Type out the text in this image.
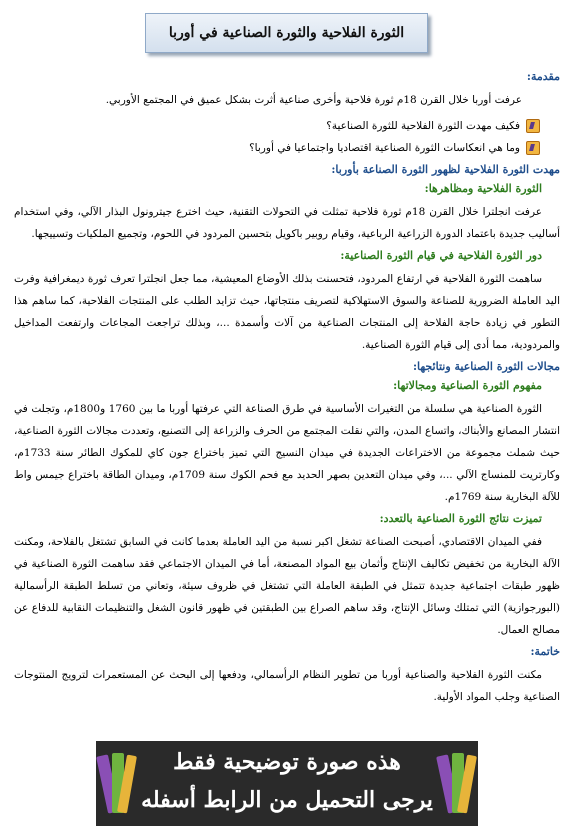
الثورة الفلاحية والثورة الصناعية في أوربا
مقدمة:
عرفت أوربا خلال القرن 18م ثورة فلاحية وأخرى صناعية أثرت بشكل عميق في المجتمع الأوربي.
فكيف مهدت الثورة الفلاحية للثورة الصناعية؟
وما هي انعكاسات الثورة الصناعية اقتصاديا واجتماعيا في أوربا؟
مهدت الثورة الفلاحية لظهور الثورة الصناعة بأوربا:
الثورة الفلاحية ومظاهرها:
عرفت انجلترا خلال القرن 18م ثورة فلاحية تمثلت في التحولات التقنية، حيث اخترع جيترونول البذار الآلي، وفي استخدام أساليب جديدة باعتماد الدورة الزراعية الرباعية، وقيام روبير باكويل بتحسين المردود في اللحوم، وتجميع الملكيات وتسييجها.
دور الثورة الفلاحية في قيام الثورة الصناعية:
ساهمت الثورة الفلاحية في ارتفاع المردود، فتحسنت بذلك الأوضاع المعيشية، مما جعل انجلترا تعرف ثورة ديمغرافية وفرت اليد العاملة الضرورية للصناعة والسوق الاستهلاكية لتصريف منتجاتها، حيث تزايد الطلب على المنتجات الفلاحية، كما ساهم هذا التطور في زيادة حاجة الفلاحة إلى المنتجات الصناعية من آلات وأسمدة ...، وبذلك تراجعت المجاعات وارتفعت المداخيل والمردودية، مما أدى إلى قيام الثورة الصناعية.
مجالات الثورة الصناعية ونتائجها:
مفهوم الثورة الصناعية ومجالاتها:
الثورة الصناعية هي سلسلة من التغيرات الأساسية في طرق الصناعة التي عرفتها أوربا ما بين 1760 و1800م، وتجلت في انتشار المصانع والأبناك، واتساع المدن، والتي نقلت المجتمع من الحرف والزراعة إلى التصنيع، وتعددت مجالات الثورة الصناعية، حيث شملت مجموعة من الاختراعات الجديدة في ميدان النسيج التي تميز باختراع جون كاي للمكوك الطائر سنة 1733م، وكارتريت للمنساج الآلي ...، وفي ميدان التعدين بصهر الحديد مع فحم الكوك سنة 1709م، وميدان الطاقة باختراع جيمس واط للآلة البخارية سنة 1769م.
تميزت نتائج الثورة الصناعية بالتعدد:
ففي الميدان الاقتصادي، أصبحت الصناعة تشغل اكبر نسبة من اليد العاملة بعدما كانت في السابق تشتغل بالفلاحة، ومكنت الآلة البخارية من تخفيض تكاليف الإنتاج وأثمان بيع المواد المصنعة، أما في الميدان الاجتماعي فقد ساهمت الثورة الصناعية في ظهور طبقات اجتماعية جديدة تتمثل في الطبقة العاملة التي تشتغل في ظروف سيئة، وتعاني من تسلط الطبقة الرأسمالية (البورجوازية) التي تمتلك وسائل الإنتاج، وقد ساهم الصراع بين الطبقتين في ظهور قانون الشغل والتنظيمات النقابية للدفاع عن مصالح العمال.
خاتمة:
مكنت الثورة الفلاحية والصناعية أوربا من تطوير النظام الرأسمالي، ودفعها إلى البحث عن المستعمرات لترويج المنتوجات الصناعية وجلب المواد الأولية.
هذه صورة توضيحية فقط
يرجى التحميل من الرابط أسفله
